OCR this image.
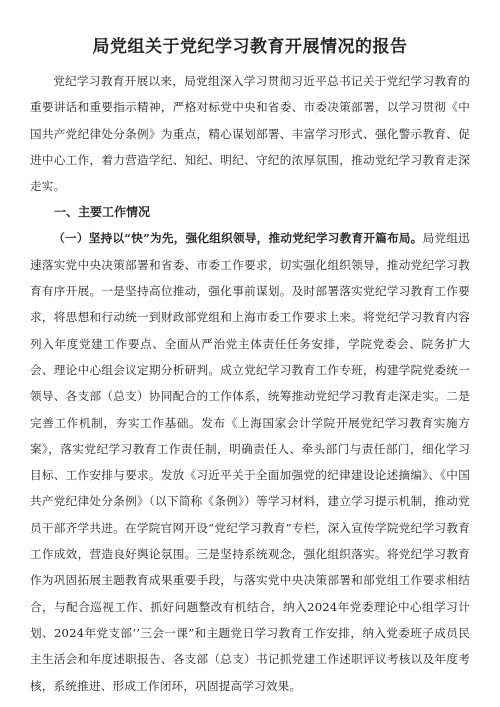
局党组关于党纪学习教育开展情况的报告

党纪学习教育开展以来，局党组深入学习贯彻习近平总书记关于党纪学习教育的重要讲话和重要指示精神，严格对标党中央和省委、市委决策部署，以学习贯彻《中国共产党纪律处分条例》为重点，精心谋划部署、丰富学习形式、强化警示教育、促进中心工作，着力营造学纪、知纪、明纪、守纪的浓厚氛围，推动党纪学习教育走深走实。

一、主要工作情况

（一）坚持以“快”为先，强化组织领导，推动党纪学习教育开篇布局。局党组迅速落实党中央决策部署和省委、市委工作要求，切实强化组织领导，推动党纪学习教育有序开展。一是坚持高位推动，强化事前谋划。及时部署落实党纪学习教育工作要求，将思想和行动统一到财政部党组和上海市委工作要求上来。将党纪学习教育内容列入年度党建工作要点、全面从严治党主体责任任务安排，学院党委会、院务扩大会、理论中心组会议定期分析研判。成立党纪学习教育工作专班，构建学院党委统一领导、各支部（总支）协同配合的工作体系，统筹推动党纪学习教育走深走实。二是完善工作机制，夯实工作基础。发布《上海国家会计学院开展党纪学习教育实施方案》，落实党纪学习教育工作责任制，明确责任人、牵头部门与责任部门，细化学习目标、工作安排与要求。发放《习近平关于全面加强党的纪律建设论述摘编》、《中国共产党纪律处分条例》（以下简称《条例》）等学习材料，建立学习提示机制，推动党员干部齐学共进。在学院官网开设“党纪学习教育”专栏，深入宣传学院党纪学习教育工作成效，营造良好舆论氛围。三是坚持系统观念，强化组织落实。将党纪学习教育作为巩固拓展主题教育成果重要手段，与落实党中央决策部署和部党组工作要求相结合，与配合巡视工作、抓好问题整改有机结合，纳入2024年党委理论中心组学习计划、2024年党支部‘’三会一课”和主题党日学习教育工作安排，纳入党委班子成员民主生活会和年度述职报告、各支部（总支）书记抓党建工作述职评议考核以及年度考核，系统推进、形成工作闭环，巩固提高学习效果。
